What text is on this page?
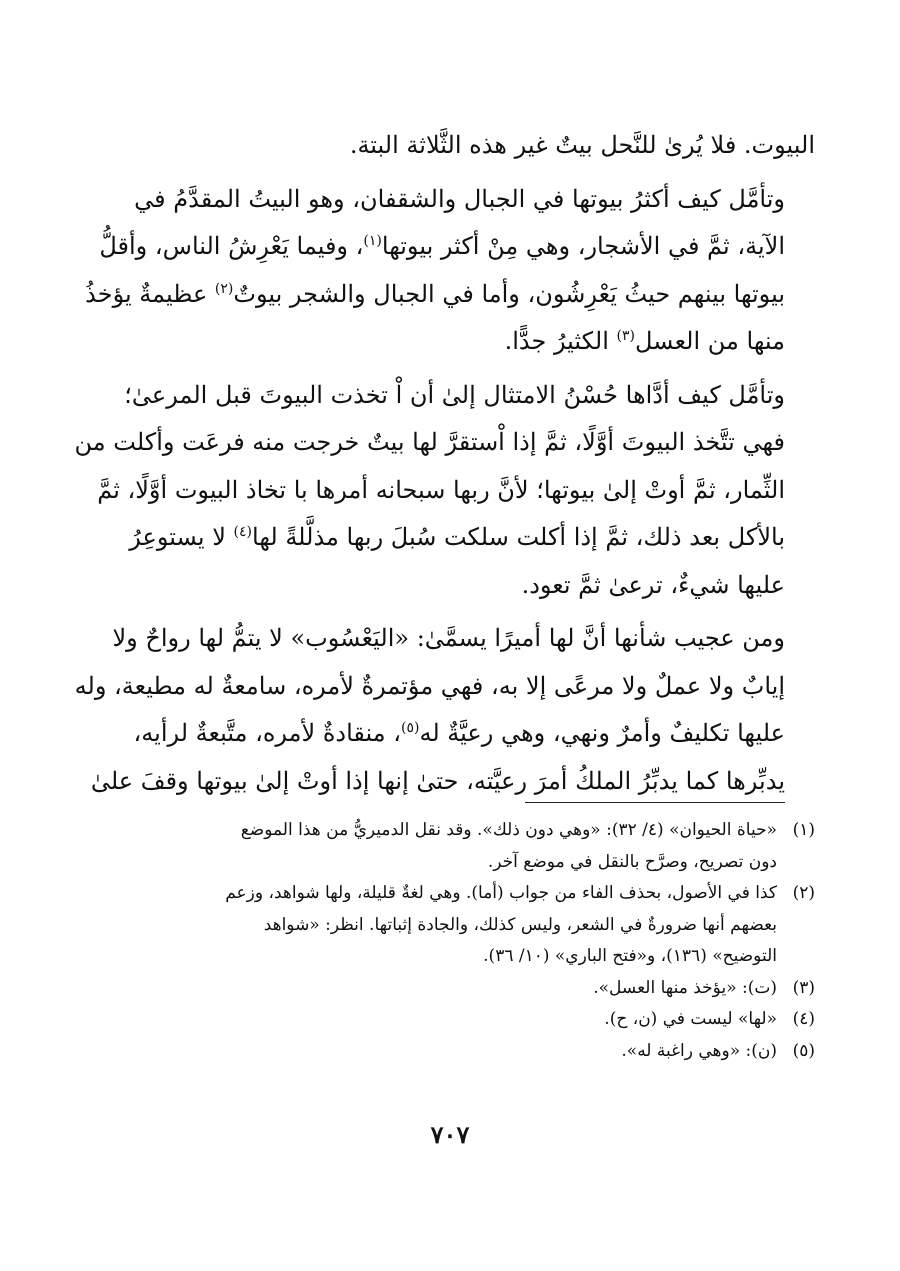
البيوت. فلا يُرىٰ للنَّحل بيتٌ غير هذه الثَّلاثة البتة.

وتأمَّل كيف أكثرُ بيوتها في الجبال والشقفان، وهو البيتُ المقدَّمُ في
الآية، ثمَّ في الأشجار، وهي مِنْ أكثر بيوتها$^{(١)}$، وفيما يَعْرِشُ الناس، وأقلُّ
بيوتها بينهم حيثُ يَعْرِشُون، وأما في الجبال والشجر بيوتٌ$^{(٢)}$ عظيمةٌ يؤخذُ
منها من العسل$^{(٣)}$ الكثيرُ جدًّا.

وتأمَّل كيف أدَّاها حُسْنُ الامتثال إلىٰ أن اْ تخذت البيوتَ قبل المرعىٰ؛
فهي تتَّخذ البيوتَ أوَّلًا، ثمَّ إذا اْستقرَّ لها بيتٌ خرجت منه فرعَت وأكلت من
الثِّمار، ثمَّ أوتْ إلىٰ بيوتها؛ لأنَّ ربها سبحانه أمرها با تخاذ البيوت أوَّلًا، ثمَّ
بالأكل بعد ذلك، ثمَّ إذا أكلت سلكت سُبلَ ربها مذلَّلةً لها$^{(٤)}$ لا يستوعِرُ
عليها شيءٌ، ترعىٰ ثمَّ تعود.

ومن عجيب شأنها أنَّ لها أميرًا يسمَّىٰ: «اليَعْسُوب» لا يتمُّ لها رواحٌ ولا
إيابٌ ولا عملٌ ولا مرعًى إلا به، فهي مؤتمرةٌ لأمره، سامعةٌ له مطيعة، وله
عليها تكليفٌ وأمرٌ ونهي، وهي رعيَّةٌ له$^{(٥)}$، منقادةٌ لأمره، متَّبعةٌ لرأيه،
يدبِّرها كما يدبِّرُ الملكُ أمرَ رعيَّته، حتىٰ إنها إذا أوتْ إلىٰ بيوتها وقفَ علىٰ

(١)
«حياة الحيوان» (٤/ ٣٢): «وهي دون ذلك». وقد نقل الدميريُّ من هذا الموضع
دون تصريح، وصرَّح بالنقل في موضع آخر.
(٢)
كذا في الأصول، بحذف الفاء من جواب (أما). وهي لغةٌ قليلة، ولها شواهد، وزعم
بعضهم أنها ضرورةٌ في الشعر، وليس كذلك، والجادة إثباتها. انظر: «شواهد
التوضيح» (١٣٦)، و«فتح الباري» (١٠/ ٣٦).
(٣)
(ت): «يؤخذ منها العسل».
(٤)
«لها» ليست في (ن، ح).
(٥)
(ن): «وهي راغبة له».
٧٠٧
